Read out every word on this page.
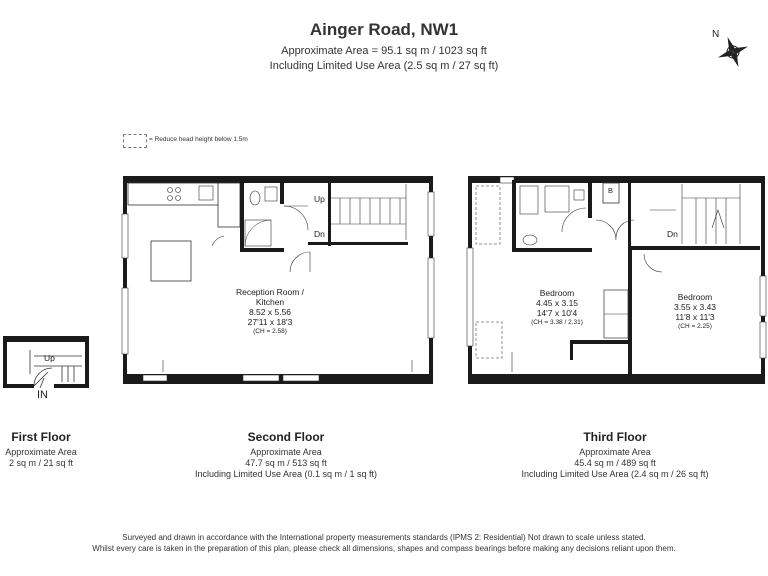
Ainger Road, NW1
Approximate Area = 95.1 sq m / 1023 sq ft
Including Limited Use Area (2.5 sq m / 27 sq ft)
N
= Reduce head height below 1.5m
Up
IN
Up
Dn
Reception Room /
Kitchen
8.52 x 5.56
27'11 x 18'3
(CH = 2.58)
B
Dn
Bedroom
4.45 x 3.15
14'7 x 10'4
(CH = 3.38 / 2.31)
Bedroom
3.55 x 3.43
11'8 x 11'3
(CH = 2.25)
First Floor
Approximate Area
2 sq m / 21 sq ft
Second Floor
Approximate Area
47.7 sq m / 513 sq ft
Including Limited Use Area (0.1 sq m / 1 sq ft)
Third Floor
Approximate Area
45.4 sq m / 489 sq ft
Including Limited Use Area (2.4 sq m / 26 sq ft)
Surveyed and drawn in accordance with the International property measurements standards (IPMS 2: Residential) Not drawn to scale unless stated.
Whilst every care is taken in the preparation of this plan, please check all dimensions, shapes and compass bearings before making any decisions reliant upon them.
